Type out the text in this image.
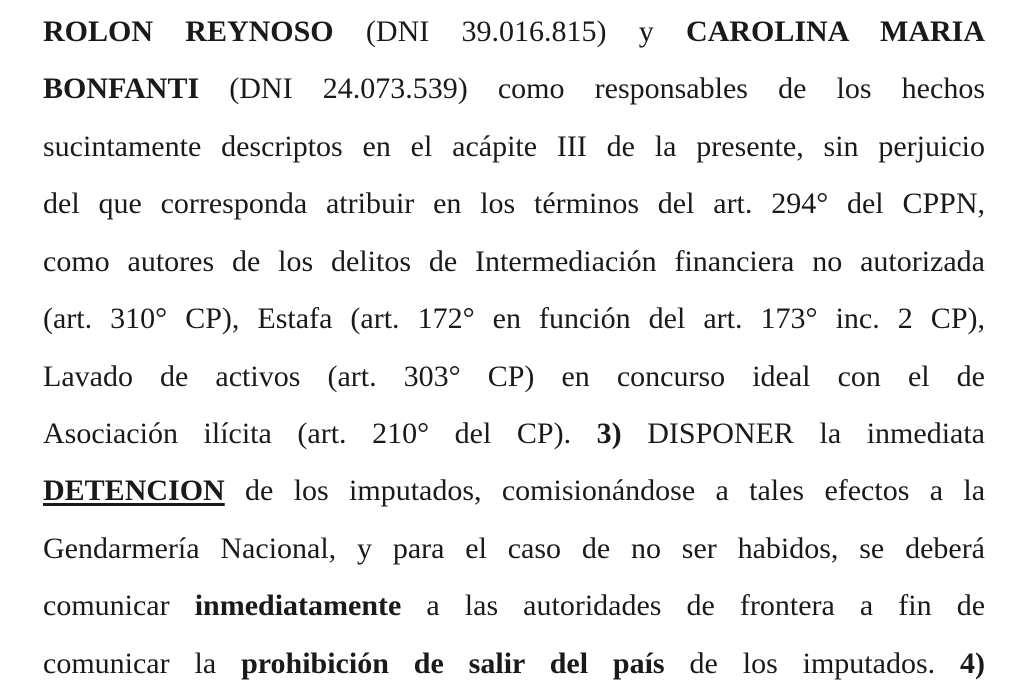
ROLON REYNOSO (DNI 39.016.815) y CAROLINA MARIA
BONFANTI (DNI 24.073.539) como responsables de los hechos
sucintamente descriptos en el acápite III de la presente, sin perjuicio
del que corresponda atribuir en los términos del art. 294° del CPPN,
como autores de los delitos de Intermediación financiera no autorizada
(art. 310° CP), Estafa (art. 172° en función del art. 173° inc. 2 CP),
Lavado de activos (art. 303° CP) en concurso ideal con el de
Asociación ilícita (art. 210° del CP). 3) DISPONER la inmediata
DETENCION de los imputados, comisionándose a tales efectos a la
Gendarmería Nacional, y para el caso de no ser habidos, se deberá
comunicar inmediatamente a las autoridades de frontera a fin de
comunicar la prohibición de salir del país de los imputados. 4)
